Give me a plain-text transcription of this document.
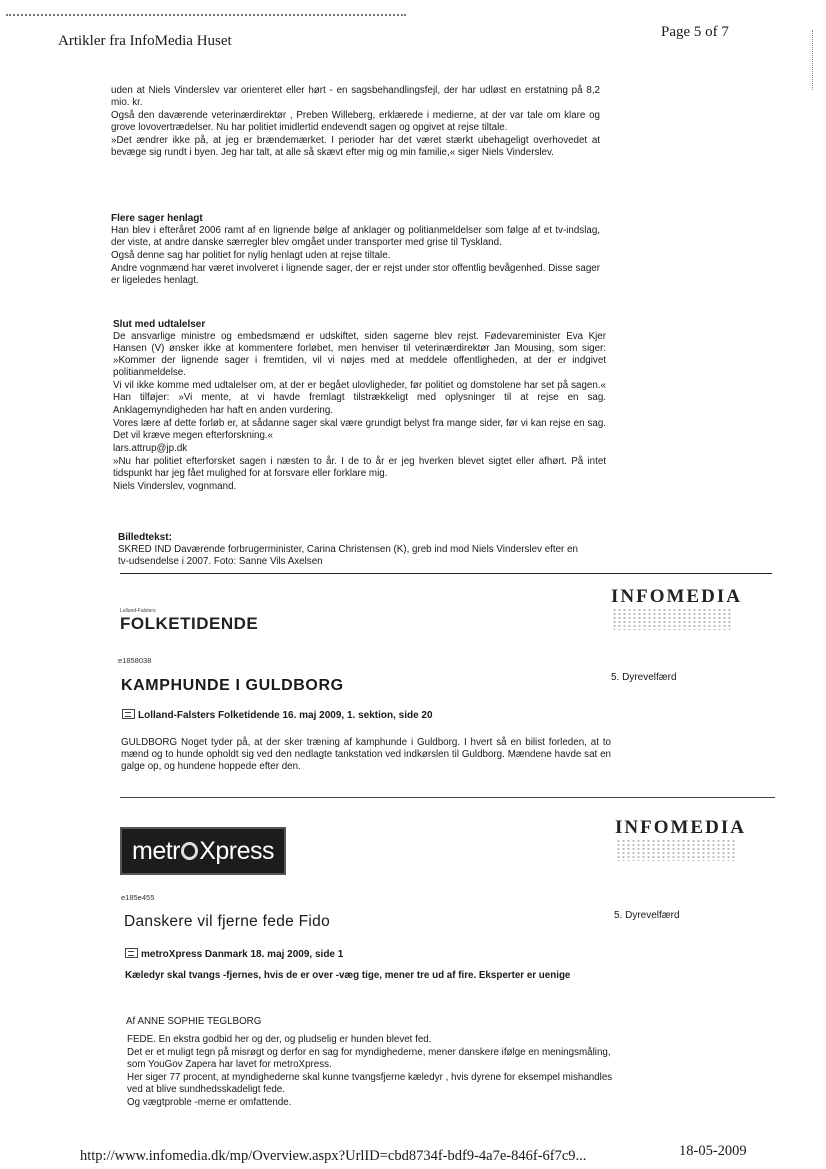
Artikler fra InfoMedia Huset
Page 5 of 7

uden at Niels Vinderslev var orienteret eller hørt - en sagsbehandlingsfejl, der har udløst en erstatning på 8,2 mio. kr.

Også den daværende veterinærdirektør , Preben Willeberg, erklærede i medierne, at der var tale om klare og grove lovovertrædelser. Nu har politiet imidlertid endevendt sagen og opgivet at rejse tiltale.

»Det ændrer ikke på, at jeg er brændemærket. I perioder har det været stærkt ubehageligt overhovedet at bevæge sig rundt i byen. Jeg har talt, at alle så skævt efter mig og min familie,« siger Niels Vinderslev.

Flere sager henlagt

Han blev i efteråret 2006 ramt af en lignende bølge af anklager og politianmeldelser som følge af et tv-indslag, der viste, at andre danske særregler blev omgået under transporter med grise til Tyskland.

Også denne sag har politiet for nylig henlagt uden at rejse tiltale.

Andre vognmænd har været involveret i lignende sager, der er rejst under stor offentlig bevågenhed. Disse sager er ligeledes henlagt.

Slut med udtalelser

De ansvarlige ministre og embedsmænd er udskiftet, siden sagerne blev rejst. Fødevareminister Eva Kjer Hansen (V) ønsker ikke at kommentere forløbet, men henviser til veterinærdirektør Jan Mousing, som siger: »Kommer der lignende sager i fremtiden, vil vi nøjes med at meddele offentligheden, at der er indgivet politianmeldelse.

Vi vil ikke komme med udtalelser om, at der er begået ulovligheder, før politiet og domstolene har set på sagen.« Han tilføjer: »Vi mente, at vi havde fremlagt tilstrækkeligt med oplysninger til at rejse en sag. Anklagemyndigheden har haft en anden vurdering.

Vores lære af dette forløb er, at sådanne sager skal være grundigt belyst fra mange sider, før vi kan rejse en sag. Det vil kræve megen efterforskning.«

lars.attrup@jp.dk

»Nu har politiet efterforsket sagen i næsten to år. I de to år er jeg hverken blevet sigtet eller afhørt. På intet tidspunkt har jeg fået mulighed for at forsvare eller forklare mig.

Niels Vinderslev, vognmand.

Billedtekst:

SKRED IND Daværende forbrugerminister, Carina Christensen (K), greb ind mod Niels Vinderslev efter en tv-udsendelse i 2007. Foto: Sanne Vils Axelsen

Lolland-Falsters
FOLKETIDENDE
INFOMEDIA
e1858038
5. Dyrevelfærd
KAMPHUNDE I GULDBORG
Lolland-Falsters Folketidende 16. maj 2009, 1. sektion, side 20
GULDBORG Noget tyder på, at der sker træning af kamphunde i Guldborg. I hvert så en bilist forleden, at to mænd og to hunde opholdt sig ved den nedlagte tankstation ved indkørslen til Guldborg. Mændene havde sat en galge op, og hundene hoppede efter den.
metr Xpress
INFOMEDIA
e185e455
5. Dyrevelfærd
Danskere vil fjerne fede Fido
metroXpress Danmark 18. maj 2009, side 1
Kæledyr skal tvangs -fjernes, hvis de er over -væg tige, mener tre ud af fire. Eksperter er uenige
Af ANNE SOPHIE TEGLBORG

FEDE. En ekstra godbid her og der, og pludselig er hunden blevet fed.

Det er et muligt tegn på misrøgt og derfor en sag for myndighederne, mener danskere ifølge en meningsmåling, som YouGov Zapera har lavet for metroXpress.

Her siger 77 procent, at myndighederne skal kunne tvangsfjerne kæledyr , hvis dyrene for eksempel mishandles ved at blive sundhedsskadeligt fede.

Og vægtproble -merne er omfattende.

http://www.infomedia.dk/mp/Overview.aspx?UrlID=cbd8734f-bdf9-4a7e-846f-6f7c9...	18-05-2009
